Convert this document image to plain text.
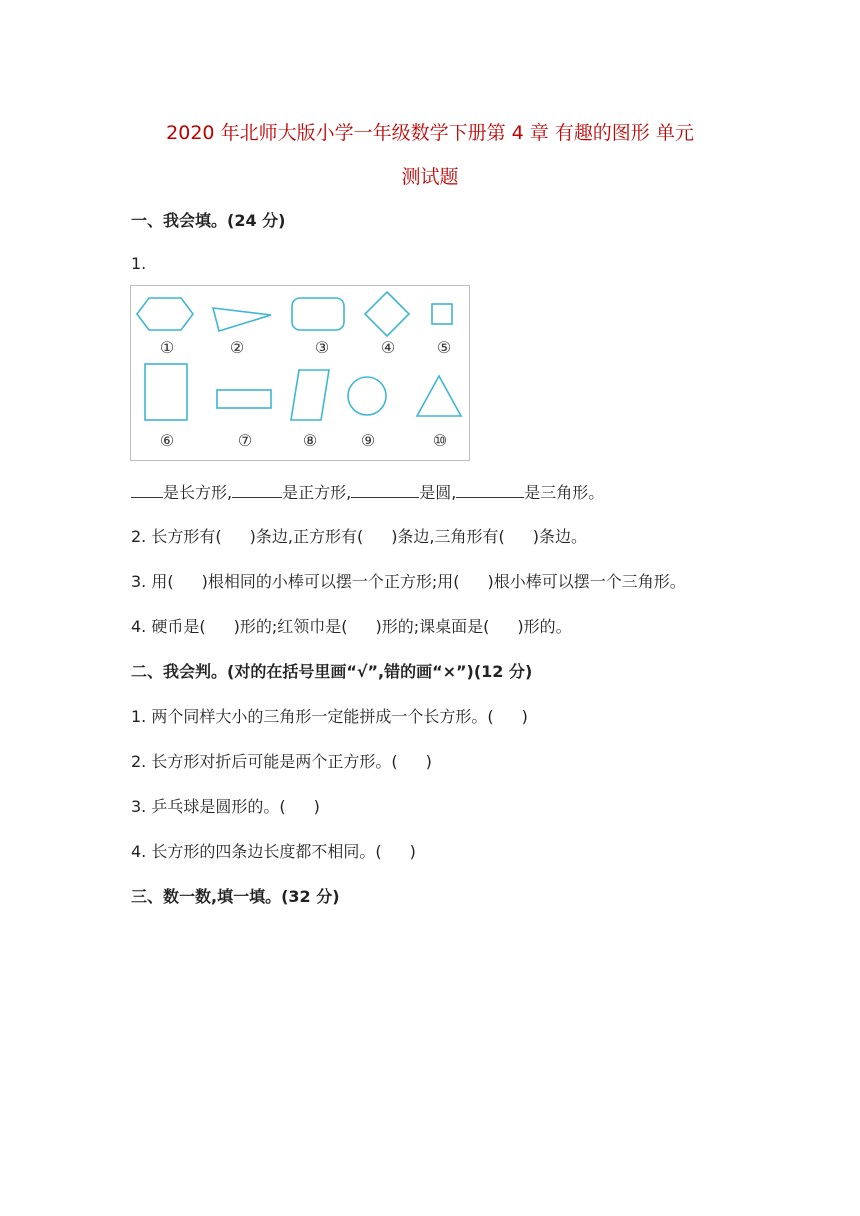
2020 年北师大版小学一年级数学下册第 4 章 有趣的图形 单元
测试题
一、我会填。(24 分)
1.
①	②	③	④	⑤
⑥	⑦	⑧	⑨	⑩
是长方形,	是正方形,	是圆,	是三角形。
2. 长方形有( )条边,正方形有( )条边,三角形有( )条边。
3. 用( )根相同的小棒可以摆一个正方形;用( )根小棒可以摆一个三角形。
4. 硬币是( )形的;红领巾是( )形的;课桌面是( )形的。
二、我会判。(对的在括号里画“√”,错的画“×”)(12 分)
1. 两个同样大小的三角形一定能拼成一个长方形。( )
2. 长方形对折后可能是两个正方形。( )
3. 乒乓球是圆形的。( )
4. 长方形的四条边长度都不相同。( )
三、数一数,填一填。(32 分)
